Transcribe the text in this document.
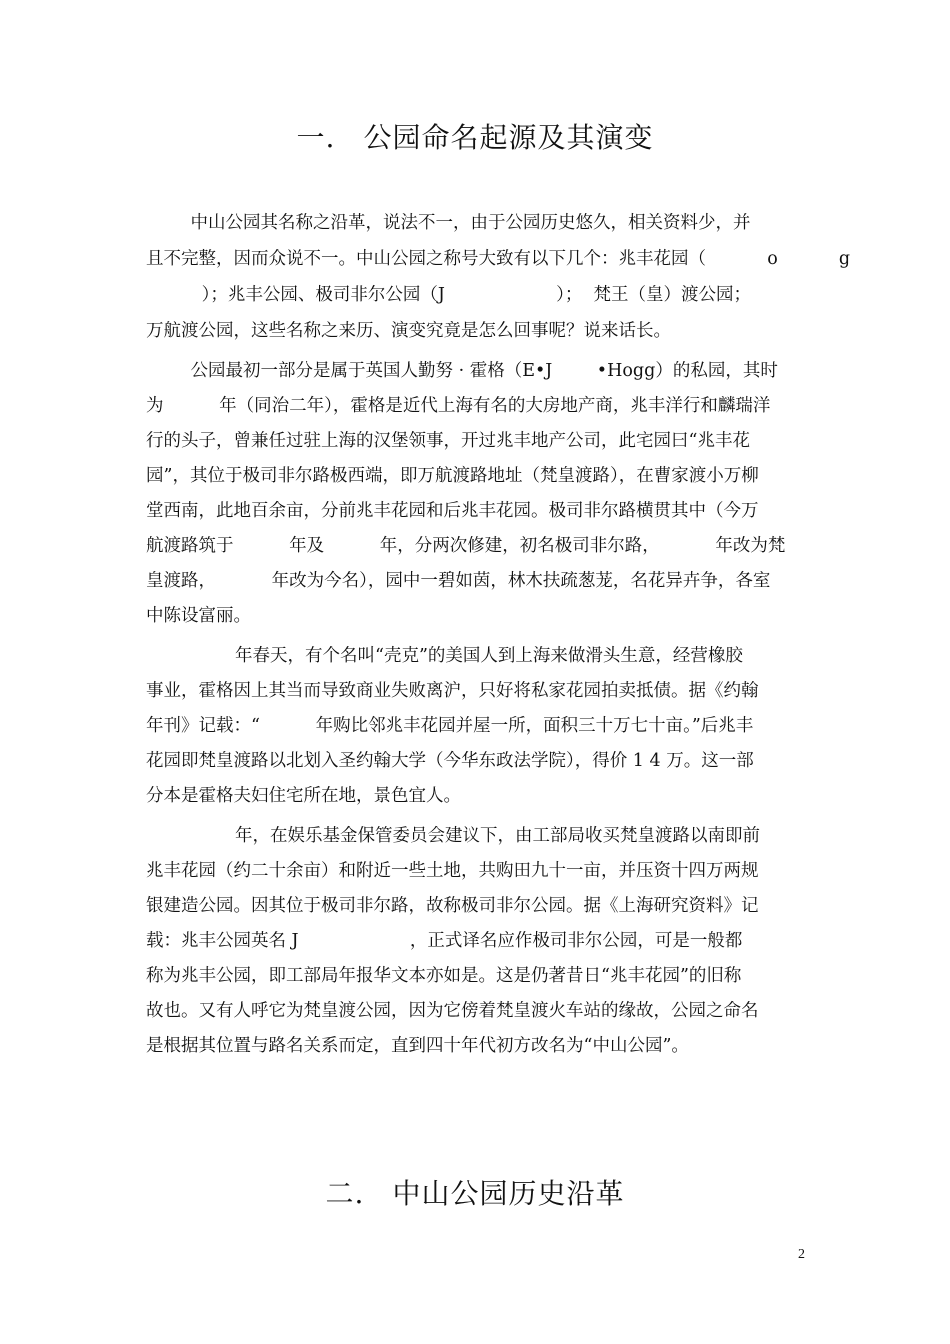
一. 公园命名起源及其演变
中山公园其名称之沿革，说法不一，由于公园历史悠久，相关资料少，并
且不完整，因而众说不一。中山公园之称号大致有以下几个：兆丰花园（           o           g
）；兆丰公园、极司非尔公园（J                    ）；  梵王（皇）渡公园；
万航渡公园，这些名称之来历、演变究竟是怎么回事呢？说来话长。
公园最初一部分是属于英国人勤努 · 霍格（E•J        •Hogg）的私园，其时
为          年（同治二年），霍格是近代上海有名的大房地产商，兆丰洋行和麟瑞洋
行的头子，曾兼任过驻上海的汉堡领事，开过兆丰地产公司，此宅园曰“兆丰花
园”，其位于极司非尔路极西端，即万航渡路地址（梵皇渡路），在曹家渡小万柳
堂西南，此地百余亩，分前兆丰花园和后兆丰花园。极司非尔路横贯其中（今万
航渡路筑于          年及          年，分两次修建，初名极司非尔路，          年改为梵
皇渡路，          年改为今名），园中一碧如茵，林木扶疏葱茏，名花异卉争，各室
中陈设富丽。
年春天，有个名叫“壳克”的美国人到上海来做滑头生意，经营橡胶
事业，霍格因上其当而导致商业失败离沪，只好将私家花园拍卖抵债。据《约翰
年刊》记载：“          年购比邻兆丰花园并屋一所，面积三十万七十亩。”后兆丰
花园即梵皇渡路以北划入圣约翰大学（今华东政法学院），得价 1 4 万。这一部
分本是霍格夫妇住宅所在地，景色宜人。
年，在娱乐基金保管委员会建议下，由工部局收买梵皇渡路以南即前
兆丰花园（约二十余亩）和附近一些土地，共购田九十一亩，并压资十四万两规
银建造公园。因其位于极司非尔路，故称极司非尔公园。据《上海研究资料》记
载：兆丰公园英名 J                    ，正式译名应作极司非尔公园，可是一般都
称为兆丰公园，即工部局年报华文本亦如是。这是仍著昔日“兆丰花园”的旧称
故也。又有人呼它为梵皇渡公园，因为它傍着梵皇渡火车站的缘故，公园之命名
是根据其位置与路名关系而定，直到四十年代初方改名为“中山公园”。
二. 中山公园历史沿革
2
